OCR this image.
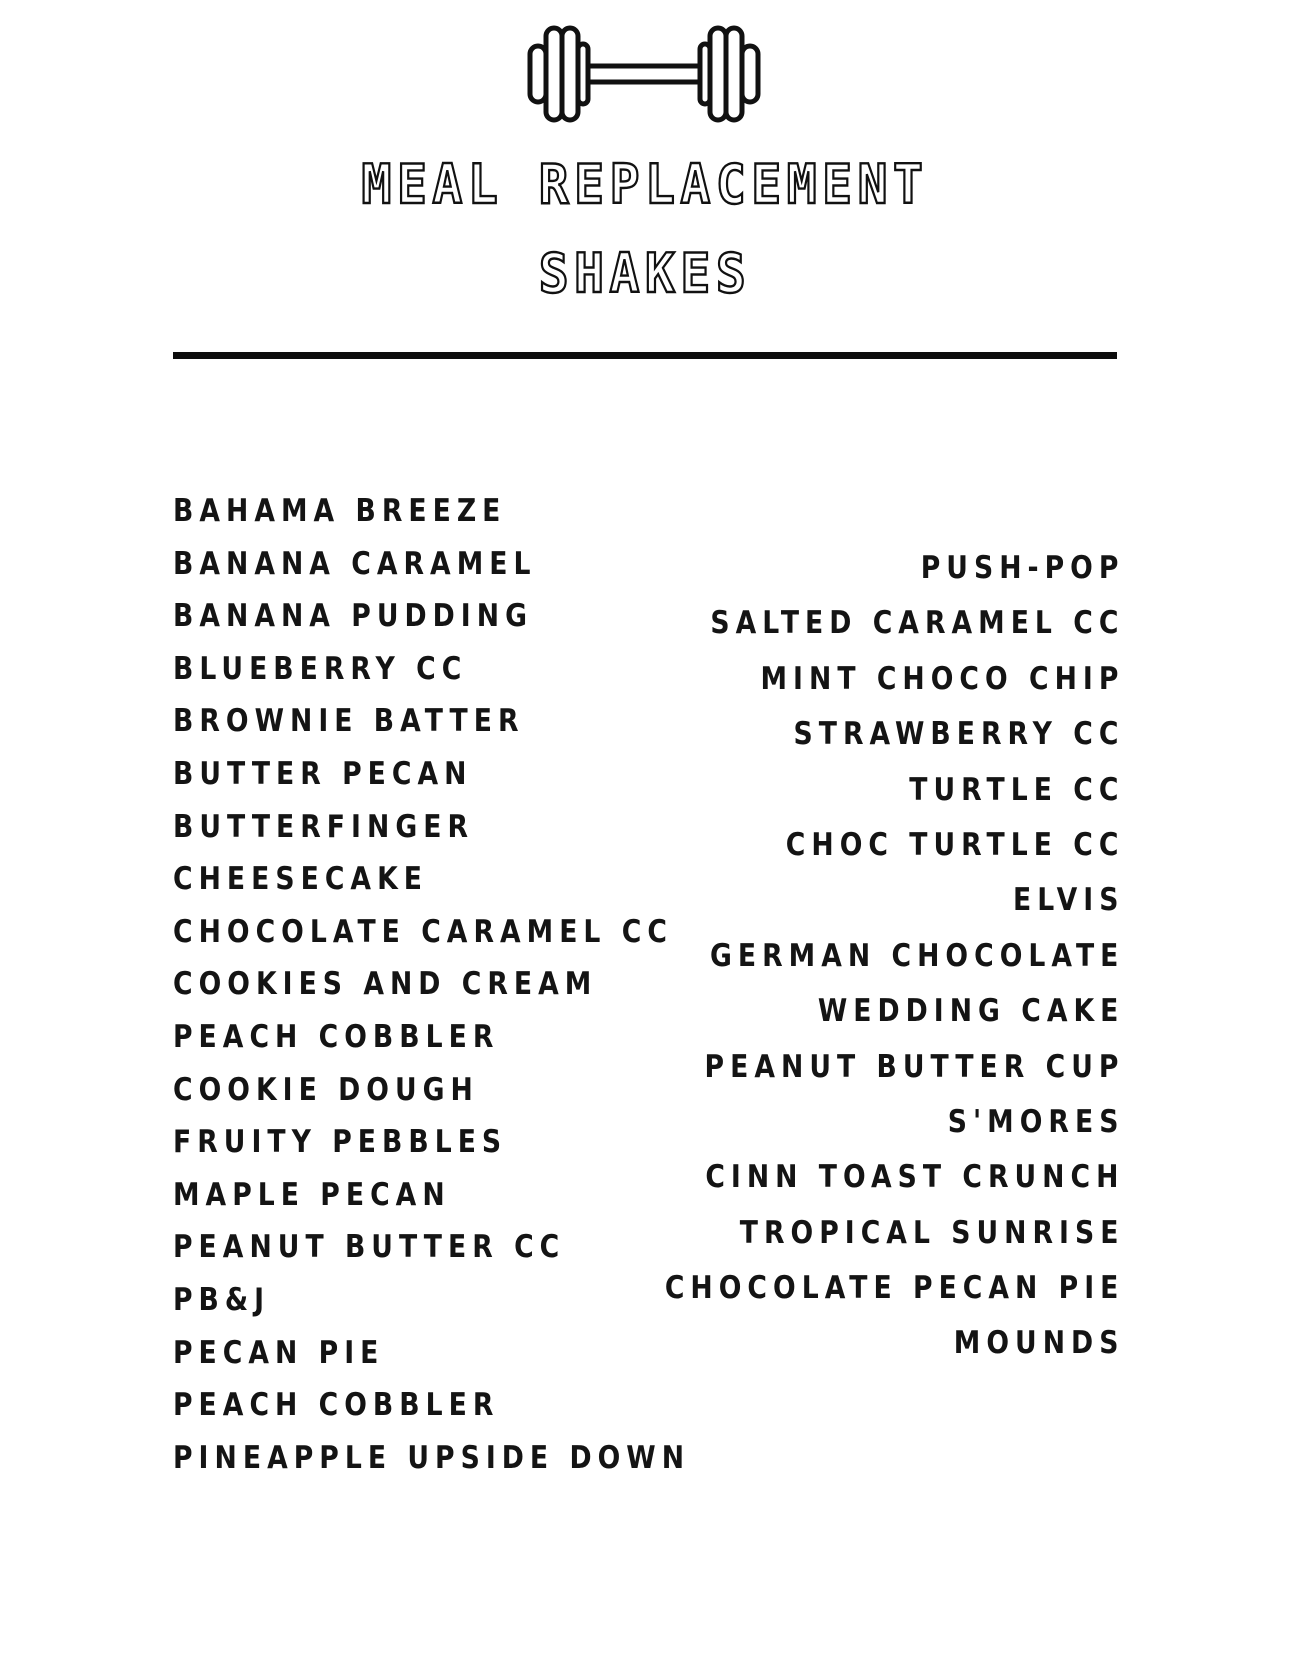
MEAL REPLACEMENT
SHAKES
BAHAMA BREEZE
BANANA CARAMEL
BANANA PUDDING
BLUEBERRY CC
BROWNIE BATTER
BUTTER PECAN
BUTTERFINGER
CHEESECAKE
CHOCOLATE CARAMEL CC
COOKIES AND CREAM
PEACH COBBLER
COOKIE DOUGH
FRUITY PEBBLES
MAPLE PECAN
PEANUT BUTTER CC
PB&J
PECAN PIE
PEACH COBBLER
PINEAPPLE UPSIDE DOWN
PUSH-POP
SALTED CARAMEL CC
MINT CHOCO CHIP
STRAWBERRY CC
TURTLE CC
CHOC TURTLE CC
ELVIS
GERMAN CHOCOLATE
WEDDING CAKE
PEANUT BUTTER CUP
S'MORES
CINN TOAST CRUNCH
TROPICAL SUNRISE
CHOCOLATE PECAN PIE
MOUNDS
